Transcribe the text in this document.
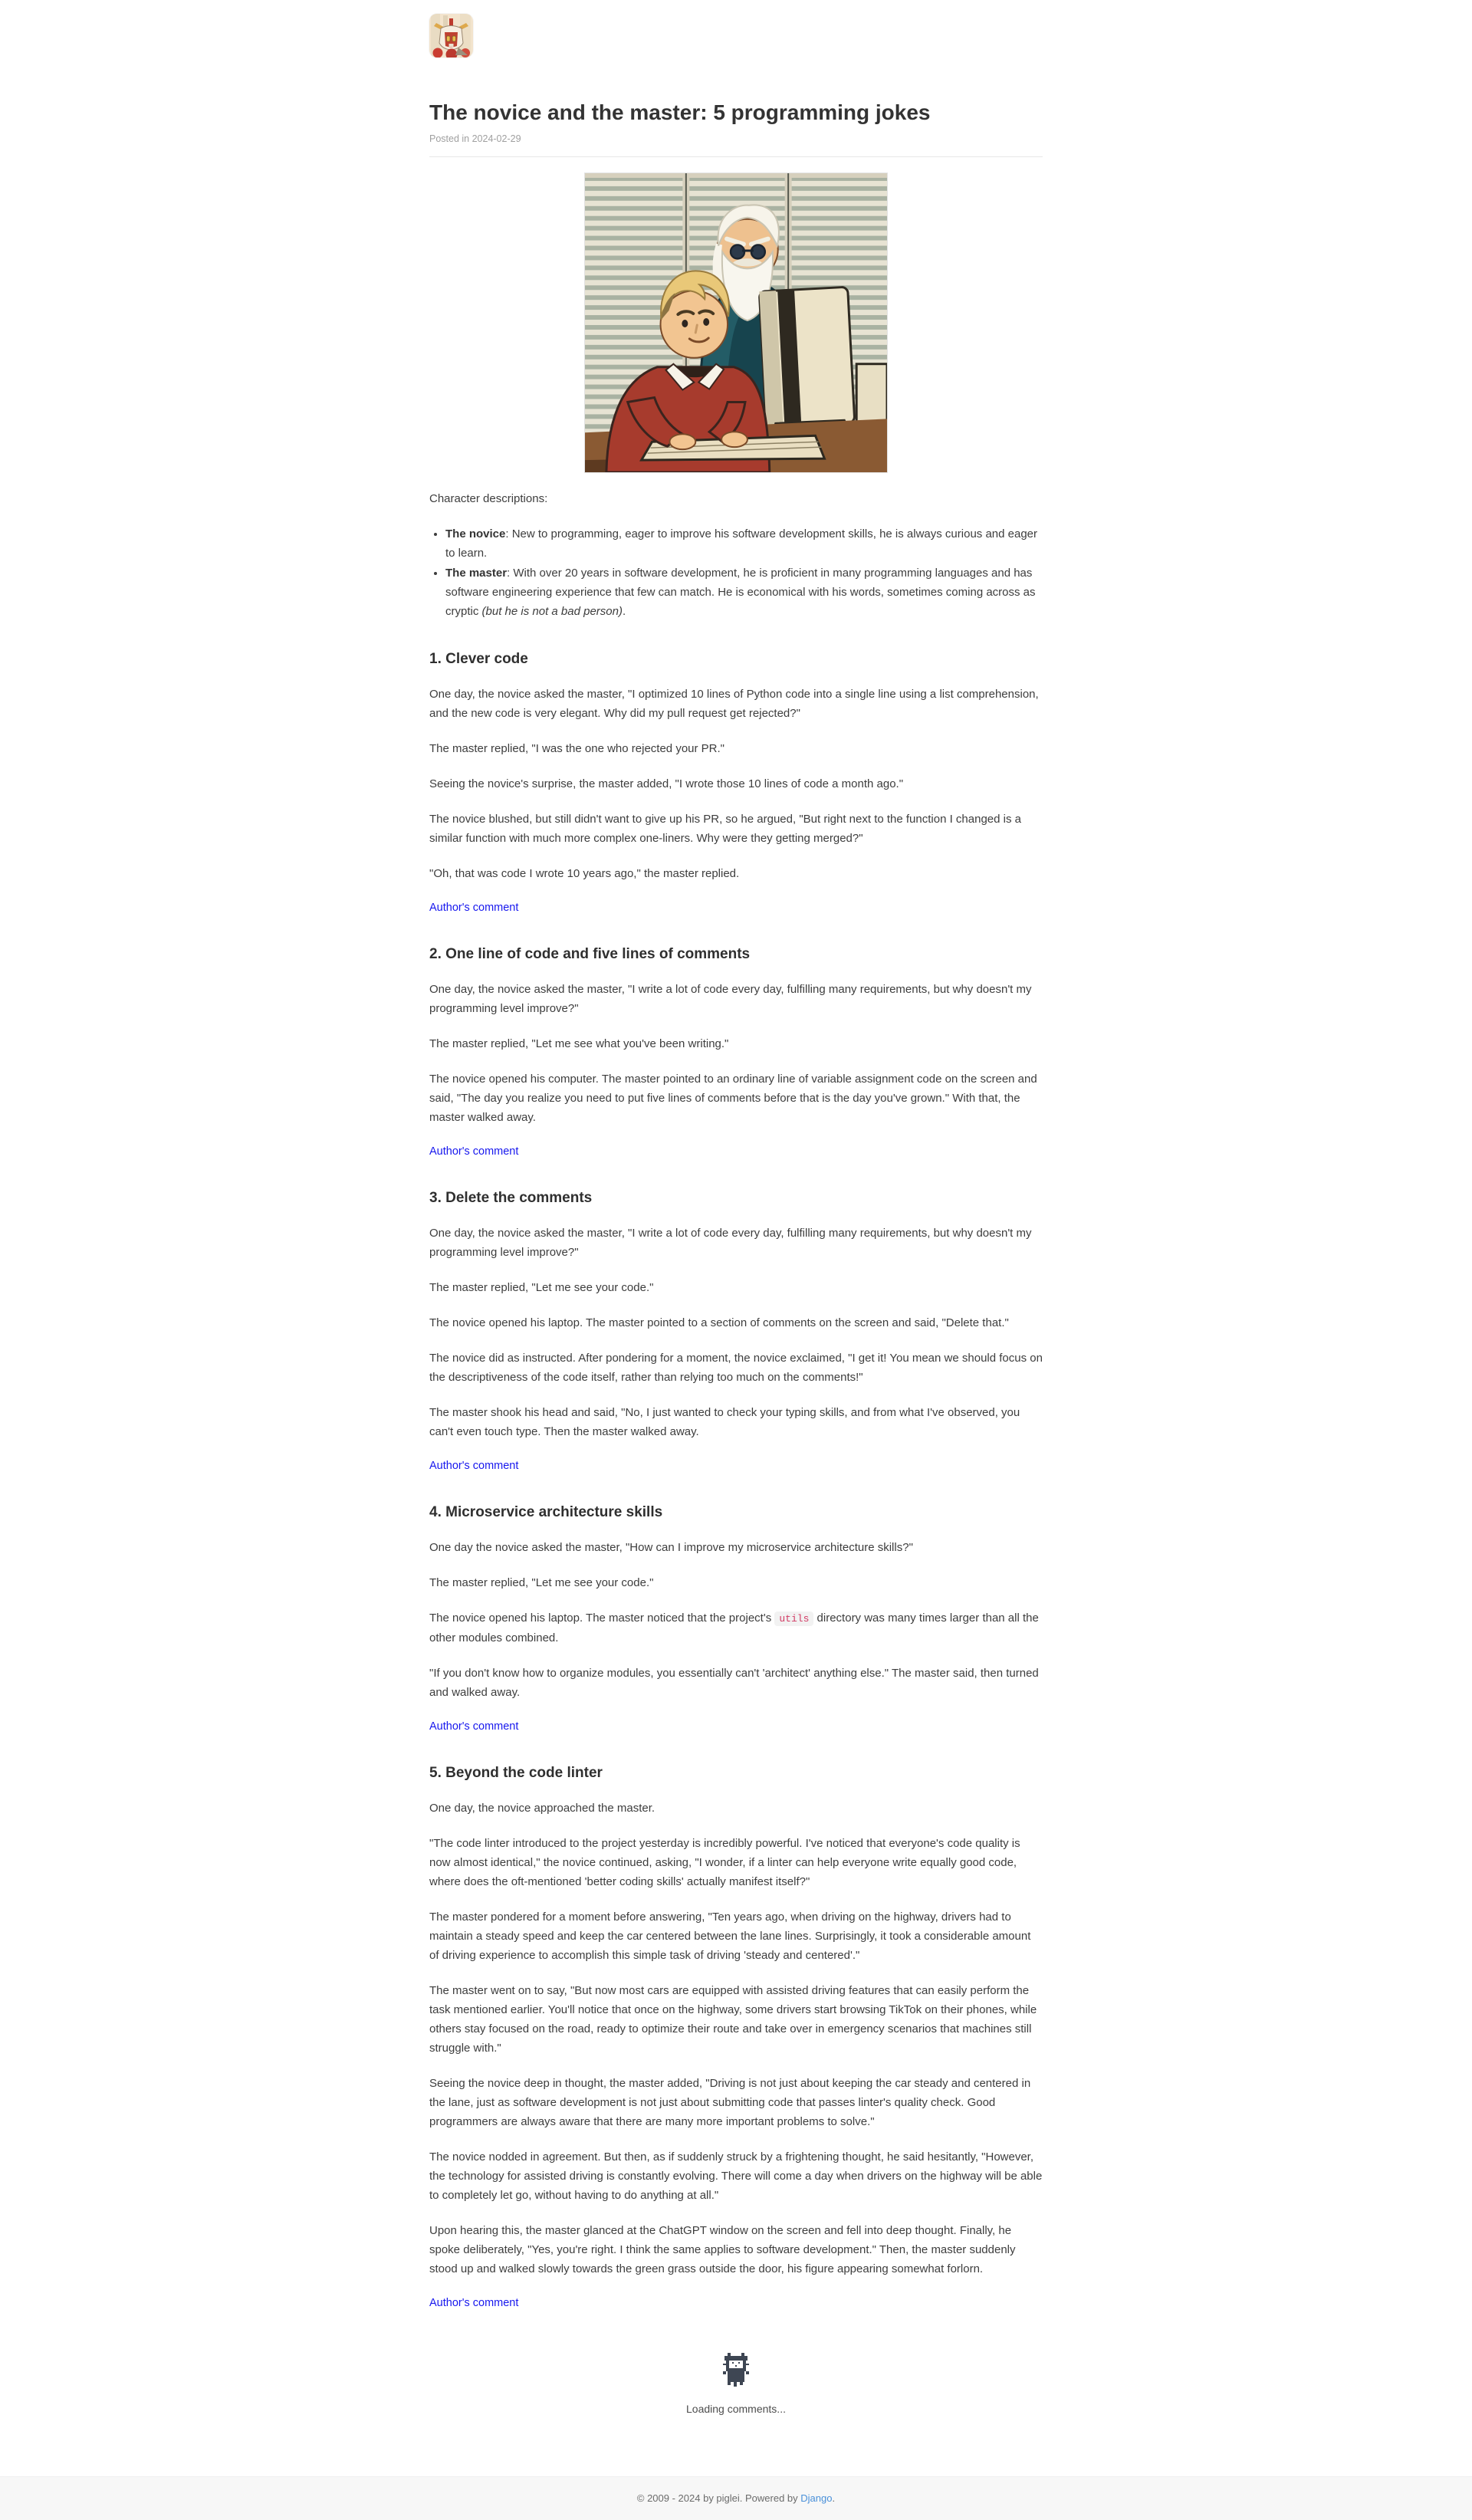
The novice and the master: 5 programming jokes
Posted in 2024-02-29

Character descriptions:

• The novice: New to programming, eager to improve his software development skills, he is always curious and eager to learn.
• The master: With over 20 years in software development, he is proficient in many programming languages and has software engineering experience that few can match. He is economical with his words, sometimes coming across as cryptic (but he is not a bad person).
1. Clever code

One day, the novice asked the master, "I optimized 10 lines of Python code into a single line using a list comprehension, and the new code is very elegant. Why did my pull request get rejected?"

The master replied, "I was the one who rejected your PR."

Seeing the novice's surprise, the master added, "I wrote those 10 lines of code a month ago."

The novice blushed, but still didn't want to give up his PR, so he argued, "But right next to the function I changed is a similar function with much more complex one-liners. Why were they getting merged?"

"Oh, that was code I wrote 10 years ago," the master replied.

Author's comment
2. One line of code and five lines of comments

One day, the novice asked the master, "I write a lot of code every day, fulfilling many requirements, but why doesn't my programming level improve?"

The master replied, "Let me see what you've been writing."

The novice opened his computer. The master pointed to an ordinary line of variable assignment code on the screen and said, "The day you realize you need to put five lines of comments before that is the day you've grown." With that, the master walked away.

Author's comment
3. Delete the comments

One day, the novice asked the master, "I write a lot of code every day, fulfilling many requirements, but why doesn't my programming level improve?"

The master replied, "Let me see your code."

The novice opened his laptop. The master pointed to a section of comments on the screen and said, "Delete that."

The novice did as instructed. After pondering for a moment, the novice exclaimed, "I get it! You mean we should focus on the descriptiveness of the code itself, rather than relying too much on the comments!"

The master shook his head and said, "No, I just wanted to check your typing skills, and from what I've observed, you can't even touch type. Then the master walked away.

Author's comment
4. Microservice architecture skills

One day the novice asked the master, "How can I improve my microservice architecture skills?"

The master replied, "Let me see your code."

The novice opened his laptop. The master noticed that the project's utils directory was many times larger than all the other modules combined.

"If you don't know how to organize modules, you essentially can't 'architect' anything else." The master said, then turned and walked away.

Author's comment
5. Beyond the code linter

One day, the novice approached the master.

"The code linter introduced to the project yesterday is incredibly powerful. I've noticed that everyone's code quality is now almost identical," the novice continued, asking, "I wonder, if a linter can help everyone write equally good code, where does the oft-mentioned 'better coding skills' actually manifest itself?"

The master pondered for a moment before answering, "Ten years ago, when driving on the highway, drivers had to maintain a steady speed and keep the car centered between the lane lines. Surprisingly, it took a considerable amount of driving experience to accomplish this simple task of driving 'steady and centered'."

The master went on to say, "But now most cars are equipped with assisted driving features that can easily perform the task mentioned earlier. You'll notice that once on the highway, some drivers start browsing TikTok on their phones, while others stay focused on the road, ready to optimize their route and take over in emergency scenarios that machines still struggle with."

Seeing the novice deep in thought, the master added, "Driving is not just about keeping the car steady and centered in the lane, just as software development is not just about submitting code that passes linter's quality check. Good programmers are always aware that there are many more important problems to solve."

The novice nodded in agreement. But then, as if suddenly struck by a frightening thought, he said hesitantly, "However, the technology for assisted driving is constantly evolving. There will come a day when drivers on the highway will be able to completely let go, without having to do anything at all."

Upon hearing this, the master glanced at the ChatGPT window on the screen and fell into deep thought. Finally, he spoke deliberately, "Yes, you're right. I think the same applies to software development." Then, the master suddenly stood up and walked slowly towards the green grass outside the door, his figure appearing somewhat forlorn.

Author's comment
Loading comments...
© 2009 - 2024 by piglei. Powered by Django.
